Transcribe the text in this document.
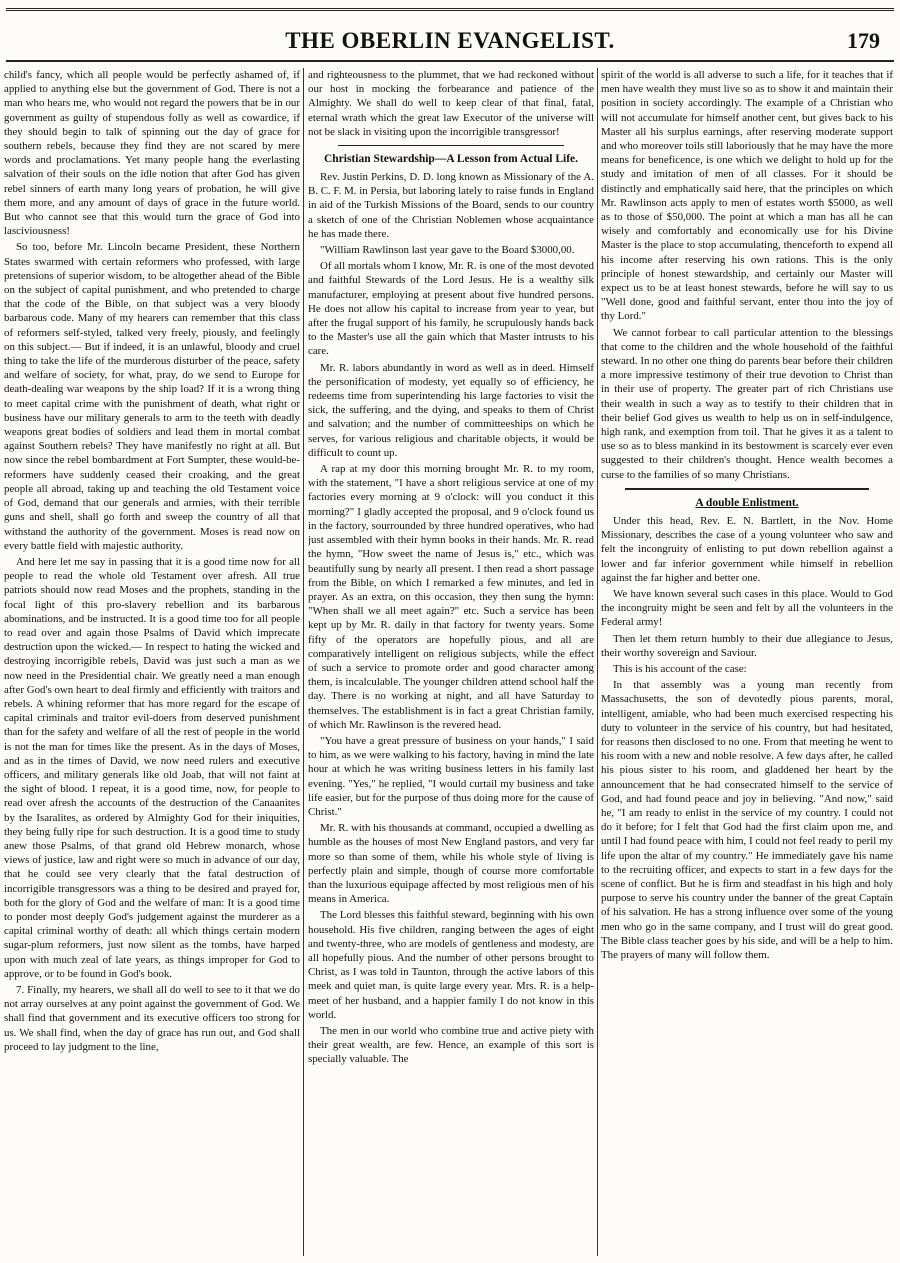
THE OBERLIN EVANGELIST.	179

child's fancy, which all people would be perfectly ashamed of, if applied to anything else but the government of God. There is not a man who hears me, who would not regard the powers that be in our government as guilty of stupendous folly as well as cowardice, if they should begin to talk of spinning out the day of grace for southern rebels, because they find they are not scared by mere words and proclamations. Yet many people hang the everlasting salvation of their souls on the idle notion that after God has given rebel sinners of earth many long years of probation, he will give them more, and any amount of days of grace in the future world. But who cannot see that this would turn the grace of God into lasciviousness!

So too, before Mr. Lincoln became President, these Northern States swarmed with certain reformers who professed, with large pretensions of superior wisdom, to be altogether ahead of the Bible on the subject of capital punishment, and who pretended to charge that the code of the Bible, on that subject was a very bloody barbarous code. Many of my hearers can remember that this class of reformers self-styled, talked very freely, piously, and feelingly on this subject.— But if indeed, it is an unlawful, bloody and cruel thing to take the life of the murderous disturber of the peace, safety and welfare of society, for what, pray, do we send to Europe for death-dealing war weapons by the ship load? If it is a wrong thing to meet capital crime with the punishment of death, what right or business have our military generals to arm to the teeth with deadly weapons great bodies of soldiers and lead them in mortal combat against Southern rebels? They have manifestly no right at all. But now since the rebel bombardment at Fort Sumpter, these would-be-reformers have suddenly ceased their croaking, and the great people all abroad, taking up and teaching the old Testament voice of God, demand that our generals and armies, with their terrible guns and shell, shall go forth and sweep the country of all that withstand the authority of the government. Moses is read now on every battle field with majestic authority.

And here let me say in passing that it is a good time now for all people to read the whole old Testament over afresh. All true patriots should now read Moses and the prophets, standing in the focal light of this pro-slavery rebellion and its barbarous abominations, and be instructed. It is a good time too for all people to read over and again those Psalms of David which imprecate destruction upon the wicked.— In respect to hating the wicked and destroying incorrigible rebels, David was just such a man as we now need in the Presidential chair. We greatly need a man enough after God's own heart to deal firmly and efficiently with traitors and rebels. A whining reformer that has more regard for the escape of capital criminals and traitor evil-doers from deserved punishment than for the safety and welfare of all the rest of people in the world is not the man for times like the present. As in the days of Moses, and as in the times of David, we now need rulers and executive officers, and military generals like old Joab, that will not faint at the sight of blood. I repeat, it is a good time, now, for people to read over afresh the accounts of the destruction of the Canaanites by the Isaralites, as ordered by Almighty God for their iniquities, they being fully ripe for such destruction. It is a good time to study anew those Psalms, of that grand old Hebrew monarch, whose views of justice, law and right were so much in advance of our day, that he could see very clearly that the fatal destruction of incorrigible transgressors was a thing to be desired and prayed for, both for the glory of God and the welfare of man: It is a good time to ponder most deeply God's judgement against the murderer as a capital criminal worthy of death: all which things certain modern sugar-plum reformers, just now silent as the tombs, have harped upon with much zeal of late years, as things improper for God to approve, or to be found in God's book.

7. Finally, my hearers, we shall all do well to see to it that we do not array ourselves at any point against the government of God. We shall find that government and its executive officers too strong for us. We shall find, when the day of grace has run out, and God shall proceed to lay judgment to the line,

and righteousness to the plummet, that we had reckoned without our host in mocking the forbearance and patience of the Almighty. We shall do well to keep clear of that final, fatal, eternal wrath which the great law Executor of the universe will not be slack in visiting upon the incorrigible transgressor!

Christian Stewardship—A Lesson from Actual Life.

Rev. Justin Perkins, D. D. long known as Missionary of the A. B. C. F. M. in Persia, but laboring lately to raise funds in England in aid of the Turkish Missions of the Board, sends to our country a sketch of one of the Christian Noblemen whose acquaintance he has made there.

"William Rawlinson last year gave to the Board $3000,00.

Of all mortals whom I know, Mr. R. is one of the most devoted and faithful Stewards of the Lord Jesus. He is a wealthy silk manufacturer, employing at present about five hundred persons. He does not allow his capital to increase from year to year, but after the frugal support of his family, he scrupulously hands back to the Master's use all the gain which that Master intrusts to his care.

Mr. R. labors abundantly in word as well as in deed. Himself the personification of modesty, yet equally so of efficiency, he redeems time from superintending his large factories to visit the sick, the suffering, and the dying, and speaks to them of Christ and salvation; and the number of committeeships on which he serves, for various religious and charitable objects, it would be difficult to count up.

A rap at my door this morning brought Mr. R. to my room, with the statement, "I have a short religious service at one of my factories every morning at 9 o'clock: will you conduct it this morning?" I gladly accepted the proposal, and 9 o'clock found us in the factory, sourrounded by three hundred operatives, who had just assembled with their hymn books in their hands. Mr. R. read the hymn, "How sweet the name of Jesus is," etc., which was beautifully sung by nearly all present. I then read a short passage from the Bible, on which I remarked a few minutes, and led in prayer. As an extra, on this occasion, they then sung the hymn: "When shall we all meet again?" etc. Such a service has been kept up by Mr. R. daily in that factory for twenty years. Some fifty of the operators are hopefully pious, and all are comparatively intelligent on religious subjects, while the effect of such a service to promote order and good character among them, is incalculable. The younger children attend school half the day. There is no working at night, and all have Saturday to themselves. The establishment is in fact a great Christian family, of which Mr. Rawlinson is the revered head.

"You have a great pressure of business on your hands," I said to him, as we were walking to his factory, having in mind the late hour at which he was writing business letters in his family last evening. "Yes," he replied, "I would curtail my business and take life easier, but for the purpose of thus doing more for the cause of Christ."

Mr. R. with his thousands at command, occupied a dwelling as humble as the houses of most New England pastors, and very far more so than some of them, while his whole style of living is perfectly plain and simple, though of course more comfortable than the luxurious equipage affected by most religious men of his means in America.

The Lord blesses this faithful steward, beginning with his own household. His five children, ranging between the ages of eight and twenty-three, who are models of gentleness and modesty, are all hopefully pious. And the number of other persons brought to Christ, as I was told in Taunton, through the active labors of this meek and quiet man, is quite large every year. Mrs. R. is a help-meet of her husband, and a happier family I do not know in this world.

The men in our world who combine true and active piety with their great wealth, are few. Hence, an example of this sort is specially valuable. The

spirit of the world is all adverse to such a life, for it teaches that if men have wealth they must live so as to show it and maintain their position in society accordingly. The example of a Christian who will not accumulate for himself another cent, but gives back to his Master all his surplus earnings, after reserving moderate support and who moreover toils still laboriously that he may have the more means for beneficence, is one which we delight to hold up for the study and imitation of men of all classes. For it should be distinctly and emphatically said here, that the principles on which Mr. Rawlinson acts apply to men of estates worth $5000, as well as to those of $50,000. The point at which a man has all he can wisely and comfortably and economically use for his Divine Master is the place to stop accumulating, thenceforth to expend all his income after reserving his own rations. This is the only principle of honest stewardship, and certainly our Master will expect us to be at least honest stewards, before he will say to us "Well done, good and faithful servant, enter thou into the joy of thy Lord."

We cannot forbear to call particular attention to the blessings that come to the children and the whole household of the faithful steward. In no other one thing do parents bear before their children a more impressive testimony of their true devotion to Christ than in their use of property. The greater part of rich Christians use their wealth in such a way as to testify to their children that in their belief God gives us wealth to help us on in self-indulgence, high rank, and exemption from toil. That he gives it as a talent to use so as to bless mankind in its bestowment is scarcely ever even suggested to their children's thought. Hence wealth becomes a curse to the families of so many Christians.

A double Enlistment.

Under this head, Rev. E. N. Bartlett, in the Nov. Home Missionary, describes the case of a young volunteer who saw and felt the incongruity of enlisting to put down rebellion against a lower and far inferior government while himself in rebellion against the far higher and better one.

We have known several such cases in this place. Would to God the incongruity might be seen and felt by all the volunteers in the Federal army!

Then let them return humbly to their due allegiance to Jesus, their worthy sovereign and Saviour.

This is his account of the case:

In that assembly was a young man recently from Massachusetts, the son of devotedly pious parents, moral, intelligent, amiable, who had been much exercised respecting his duty to volunteer in the service of his country, but had hesitated, for reasons then disclosed to no one. From that meeting he went to his room with a new and noble resolve. A few days after, he called his pious sister to his room, and gladdened her heart by the announcement that he had consecrated himself to the service of God, and had found peace and joy in believing. "And now," said he, "I am ready to enlist in the service of my country. I could not do it before; for I felt that God had the first claim upon me, and until I had found peace with him, I could not feel ready to peril my life upon the altar of my country." He immediately gave his name to the recruiting officer, and expects to start in a few days for the scene of conflict. But he is firm and steadfast in his high and holy purpose to serve his country under the banner of the great Captain of his salvation. He has a strong influence over some of the young men who go in the same company, and I trust will do great good. The Bible class teacher goes by his side, and will be a help to him. The prayers of many will follow them.
